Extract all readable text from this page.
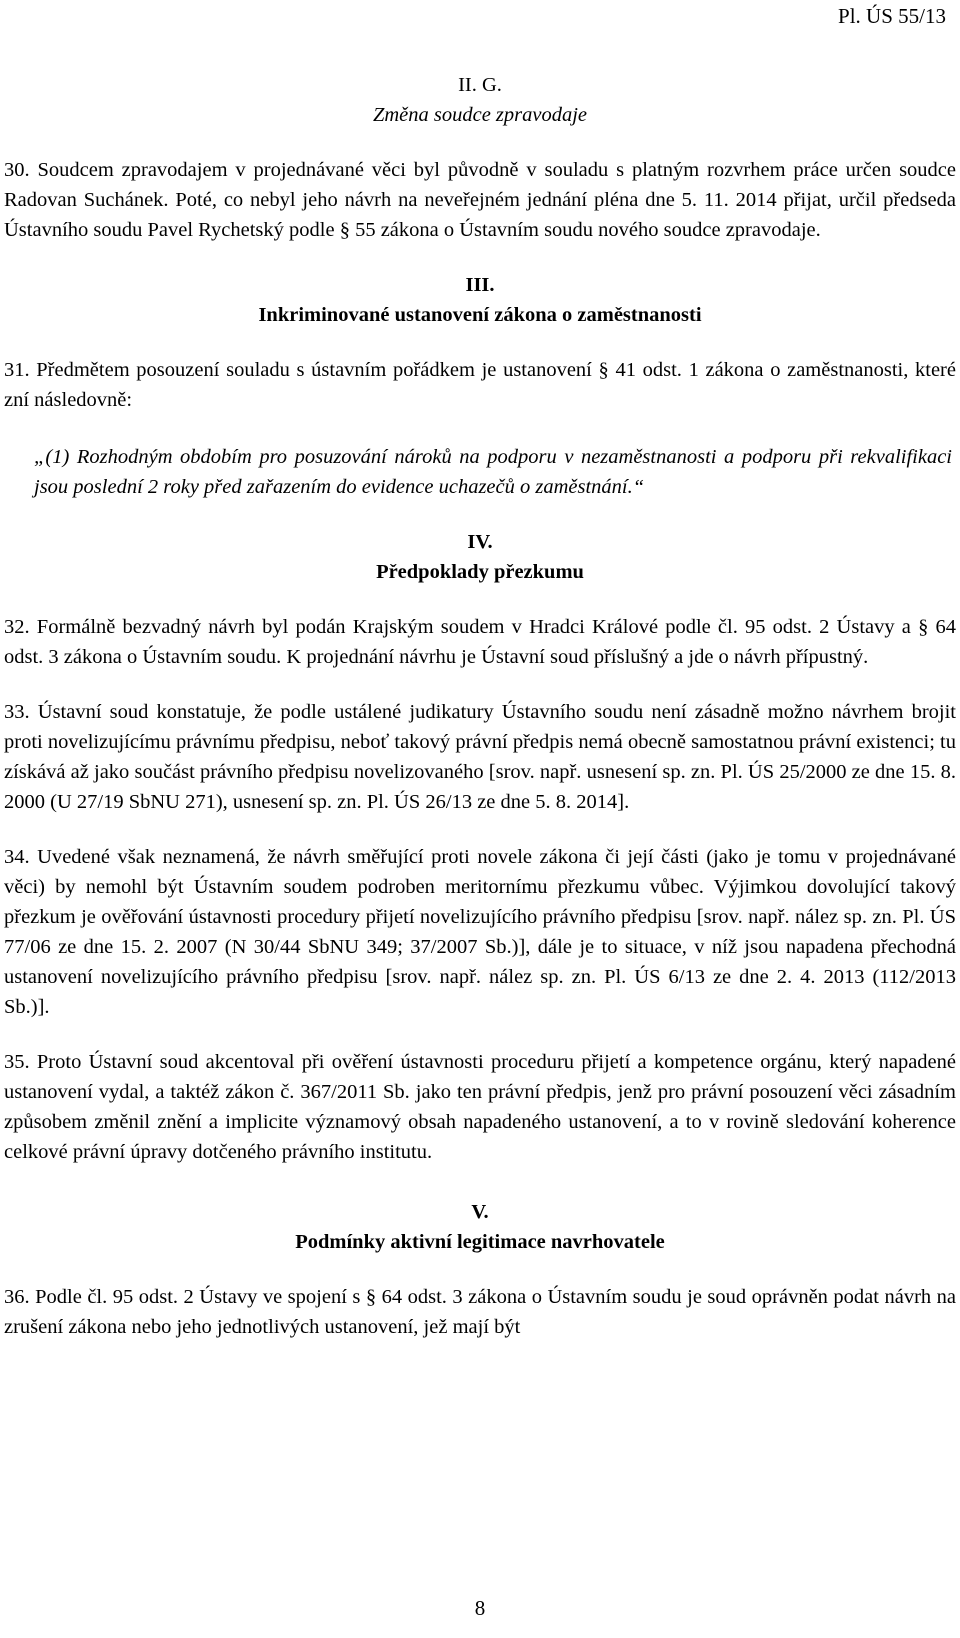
Pl. ÚS 55/13

II. G.

Změna soudce zpravodaje

30. Soudcem zpravodajem v projednávané věci byl původně v souladu s platným rozvrhem práce určen soudce Radovan Suchánek. Poté, co nebyl jeho návrh na neveřejném jednání pléna dne 5. 11. 2014 přijat, určil předseda Ústavního soudu Pavel Rychetský podle § 55 zákona o Ústavním soudu nového soudce zpravodaje.

III.

Inkriminované ustanovení zákona o zaměstnanosti

31. Předmětem posouzení souladu s ústavním pořádkem je ustanovení § 41 odst. 1 zákona o zaměstnanosti, které zní následovně:

„(1) Rozhodným obdobím pro posuzování nároků na podporu v nezaměstnanosti a podporu při rekvalifikaci jsou poslední 2 roky před zařazením do evidence uchazečů o zaměstnání.“

IV.

Předpoklady přezkumu

32. Formálně bezvadný návrh byl podán Krajským soudem v Hradci Králové podle čl. 95 odst. 2 Ústavy a § 64 odst. 3 zákona o Ústavním soudu. K projednání návrhu je Ústavní soud příslušný a jde o návrh přípustný.

33. Ústavní soud konstatuje, že podle ustálené judikatury Ústavního soudu není zásadně možno návrhem brojit proti novelizujícímu právnímu předpisu, neboť takový právní předpis nemá obecně samostatnou právní existenci; tu získává až jako součást právního předpisu novelizovaného [srov. např. usnesení sp. zn. Pl. ÚS 25/2000 ze dne 15. 8. 2000 (U 27/19 SbNU 271), usnesení sp. zn. Pl. ÚS 26/13 ze dne 5. 8. 2014].

34. Uvedené však neznamená, že návrh směřující proti novele zákona či její části (jako je tomu v projednávané věci) by nemohl být Ústavním soudem podroben meritornímu přezkumu vůbec. Výjimkou dovolující takový přezkum je ověřování ústavnosti procedury přijetí novelizujícího právního předpisu [srov. např. nález sp. zn. Pl. ÚS 77/06 ze dne 15. 2. 2007 (N 30/44 SbNU 349; 37/2007 Sb.)], dále je to situace, v níž jsou napadena přechodná ustanovení novelizujícího právního předpisu [srov. např. nález sp. zn. Pl. ÚS 6/13 ze dne 2. 4. 2013 (112/2013 Sb.)].

35. Proto Ústavní soud akcentoval při ověření ústavnosti proceduru přijetí a kompetence orgánu, který napadené ustanovení vydal, a taktéž zákon č. 367/2011 Sb. jako ten právní předpis, jenž pro právní posouzení věci zásadním způsobem změnil znění a implicite významový obsah napadeného ustanovení, a to v rovině sledování koherence celkové právní úpravy dotčeného právního institutu.

V.

Podmínky aktivní legitimace navrhovatele

36. Podle čl. 95 odst. 2 Ústavy ve spojení s § 64 odst. 3 zákona o Ústavním soudu je soud oprávněn podat návrh na zrušení zákona nebo jeho jednotlivých ustanovení, jež mají být

8
